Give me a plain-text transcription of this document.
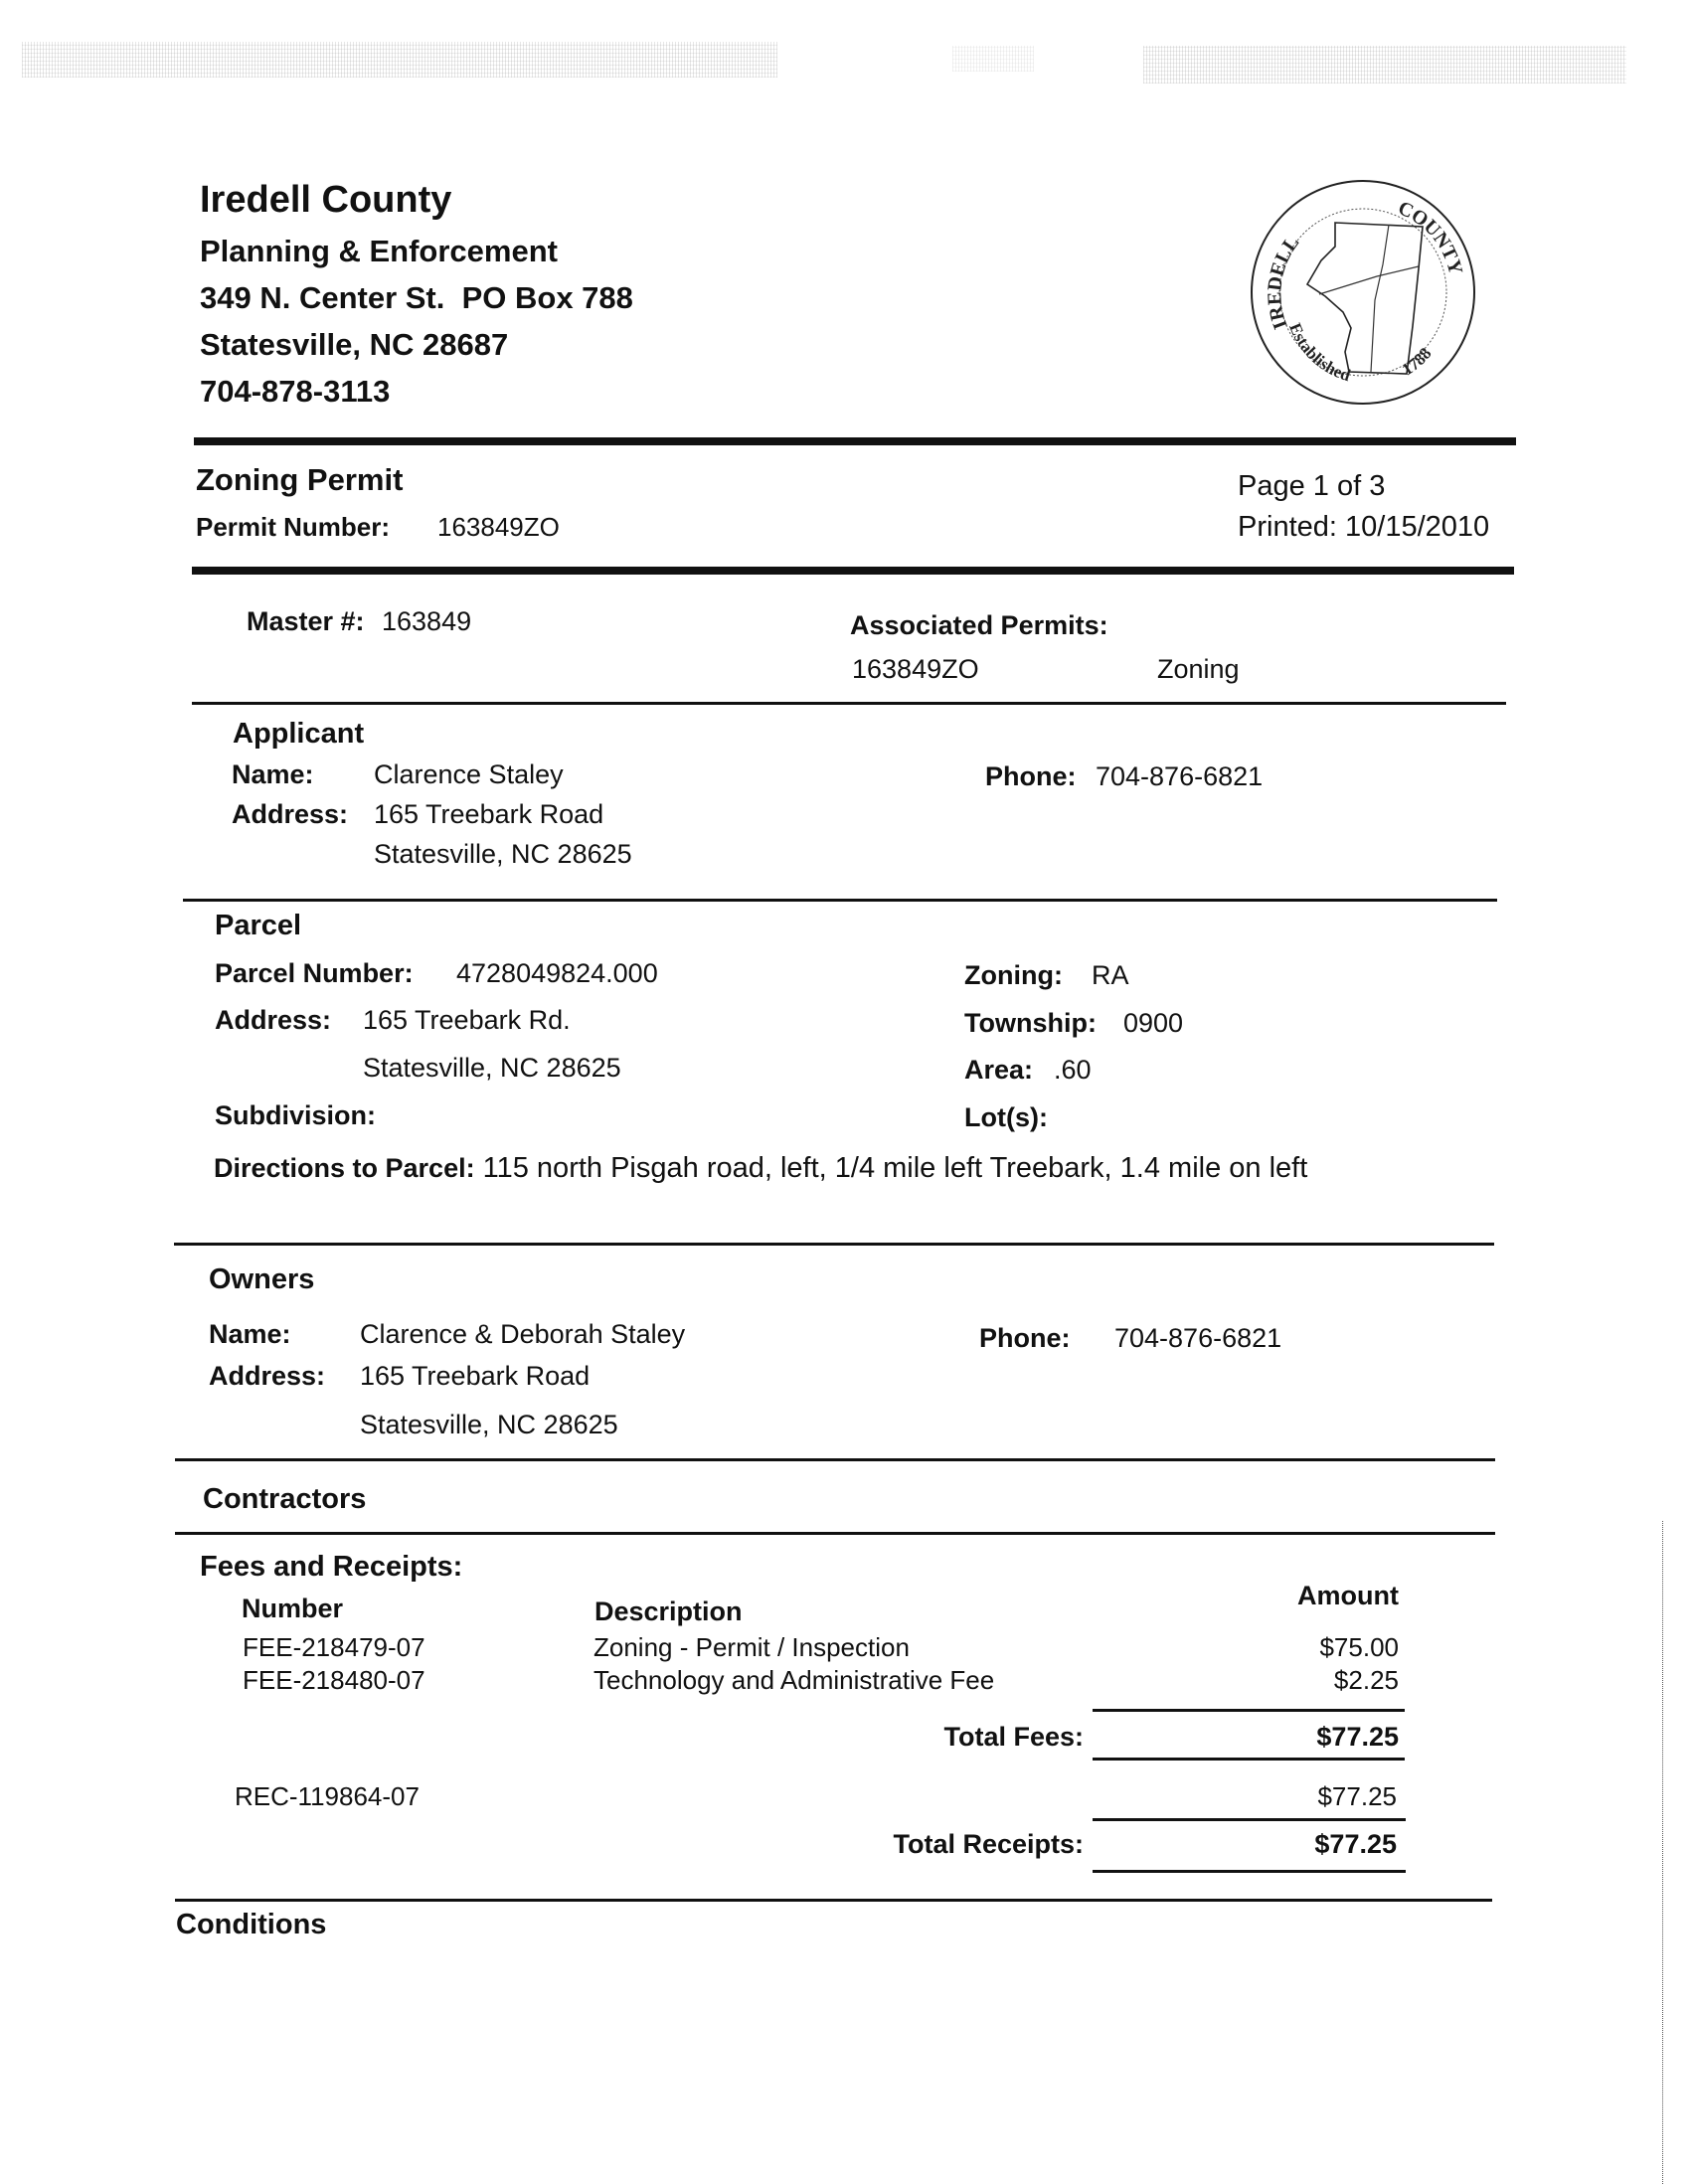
Iredell County
Planning & Enforcement
349 N. Center St.  PO Box 788
Statesville, NC 28687
704-878-3113
IREDELL
COUNTY
Established	1788
Zoning Permit
Permit Number: 163849ZO
Page 1 of 3
Printed: 10/15/2010
Master #: 163849	Associated Permits:
163849ZO	Zoning
Applicant
Name: Clarence Staley
Address: 165 Treebark Road
Statesville, NC 28625
Phone: 704-876-6821
Parcel
Parcel Number: 4728049824.000
Address: 165 Treebark Rd.
Statesville, NC 28625
Subdivision:
Zoning: RA
Township: 0900
Area: .60
Lot(s):
Directions to Parcel: 115 north Pisgah road, left, 1/4 mile left Treebark, 1.4 mile on left
Owners
Name:	Clarence & Deborah Staley
Address: 165 Treebark Road
Statesville, NC 28625
Phone: 704-876-6821
Contractors
Fees and Receipts:
Number	Description
Amount
FEE-218479-07	Zoning - Permit / Inspection	$75.00
FEE-218480-07	Technology and Administrative Fee	$2.25
Total Fees:	$77.25
REC-119864-07	$77.25
Total Receipts:	$77.25
Conditions
